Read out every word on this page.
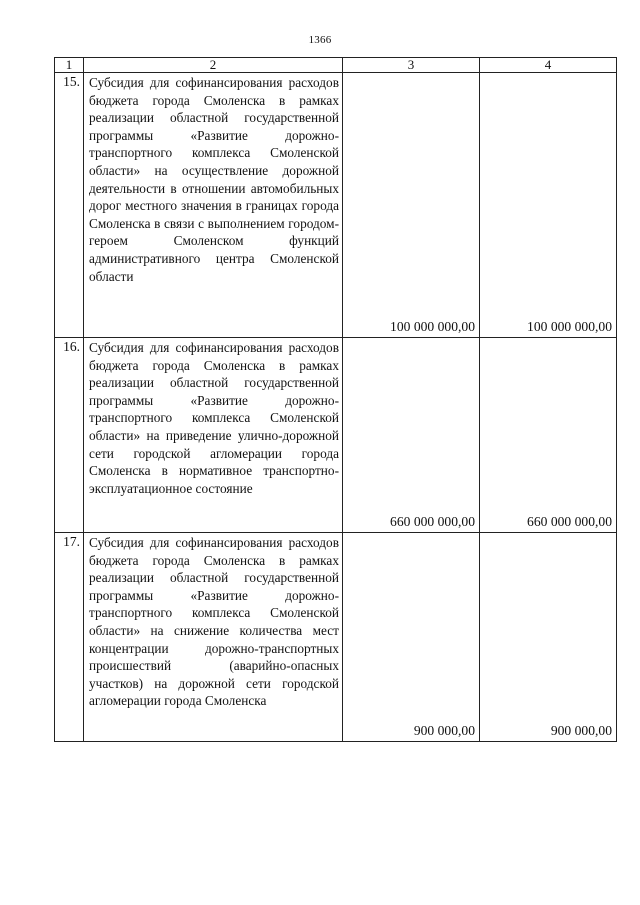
1366
1	2	3	4
15.	Субсидия для софинансирования расходов бюджета города Смоленска в рамках реализации областной государственной программы «Развитие дорожно-транспортного комплекса Смоленской области» на осуществление дорожной деятельности в отношении автомобильных дорог местного значения в границах города Смоленска в связи с выполнением городом-героем Смоленском функций административного центра Смоленской области	100 000 000,00	100 000 000,00
16.	Субсидия для софинансирования расходов бюджета города Смоленска в рамках реализации областной государственной программы «Развитие дорожно-транспортного комплекса Смоленской области» на приведение улично-дорожной сети городской агломерации города Смоленска в нормативное транспортно-эксплуатационное состояние	660 000 000,00	660 000 000,00
17.	Субсидия для софинансирования расходов бюджета города Смоленска в рамках реализации областной государственной программы «Развитие дорожно-транспортного комплекса Смоленской области» на снижение количества мест концентрации дорожно-транспортных происшествий (аварийно-опасных участков) на дорожной сети городской агломерации города Смоленска	900 000,00	900 000,00
